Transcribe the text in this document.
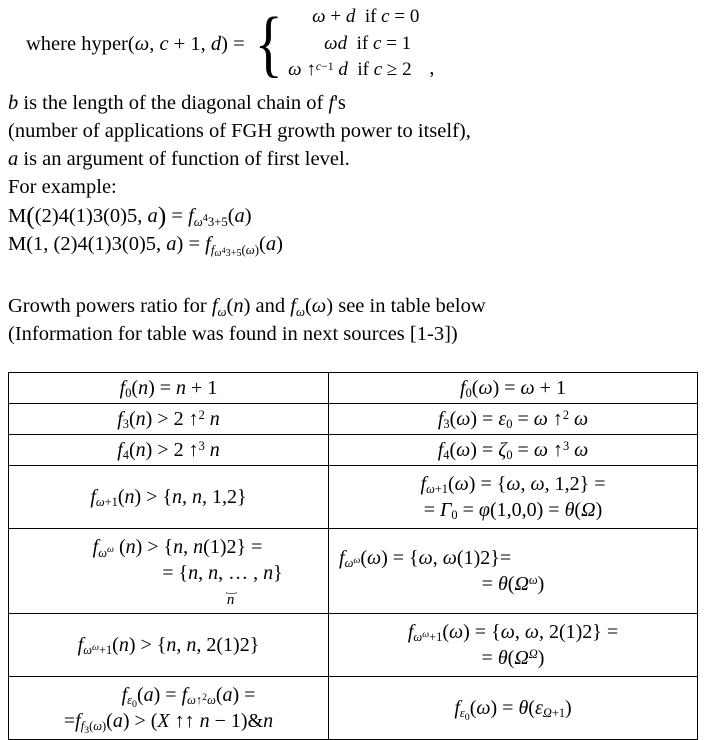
where hyper(ω, c + 1, d) = {	ω + d  if c = 0
ωd  if c = 1
ω ↑$^{c-1}$ d  if c ≥ 2 ,
b is the length of the diagonal chain of f's
(number of applications of FGH growth power to itself),
a is an argument of function of first level.
For example:
M((2)4(1)3(0)5, $a) = f_{\omega^43+5}(a)$
M(1, (2)4(1)3(0)5, $a) = f_{f_{\omega^43+5}(\omega)}(a)$
Growth powers ratio for $f_\omega(n)$ and $f_\omega(\omega)$ see in table below
(Information for table was found in next sources [1-3])
$f_0(n) = n + 1$	$f_0(\omega) = \omega + 1$

$f_3(n) > 2$ ↑$^2$ n	$f_3(\omega) = \varepsilon_0 = \omega$ ↑$^2$ ω

$f_4(n) > 2$ ↑$^3$ n	$f_4(\omega) = \zeta_0 = \omega$ ↑$^3$ ω

$f_{\omega+1}(n) > \{n$, n, 1,2}	$f_{\omega+1}(\omega) = \{\omega$, ω, 1,2} =
= $\Gamma_0 = \varphi(1,0,0) = \theta(\Omega)$

$f_{\omega^\omega}$ (n) > {n, n(1)2} =
= {n, n, … , n}
⏟
n	$f_{\omega^\omega}(\omega) = \{\omega$, ω(1)2}=
= $\theta(\Omega^\omega)$

$f_{\omega^\omega+1}(n) > \{n$, n, 2(1)2}	$f_{\omega^\omega+1}(\omega) = \{\omega$, ω, 2(1)2} =
= $\theta(\Omega^\Omega)$

$f_{\varepsilon_0}(a) = f_{\omega↑^2\omega}(a)$ =
$=f_{f_3(\omega)}(a) > (X$ ↑↑ n − 1)&n	$f_{\varepsilon_0}(\omega) = \theta(\varepsilon_{\Omega+1})$
